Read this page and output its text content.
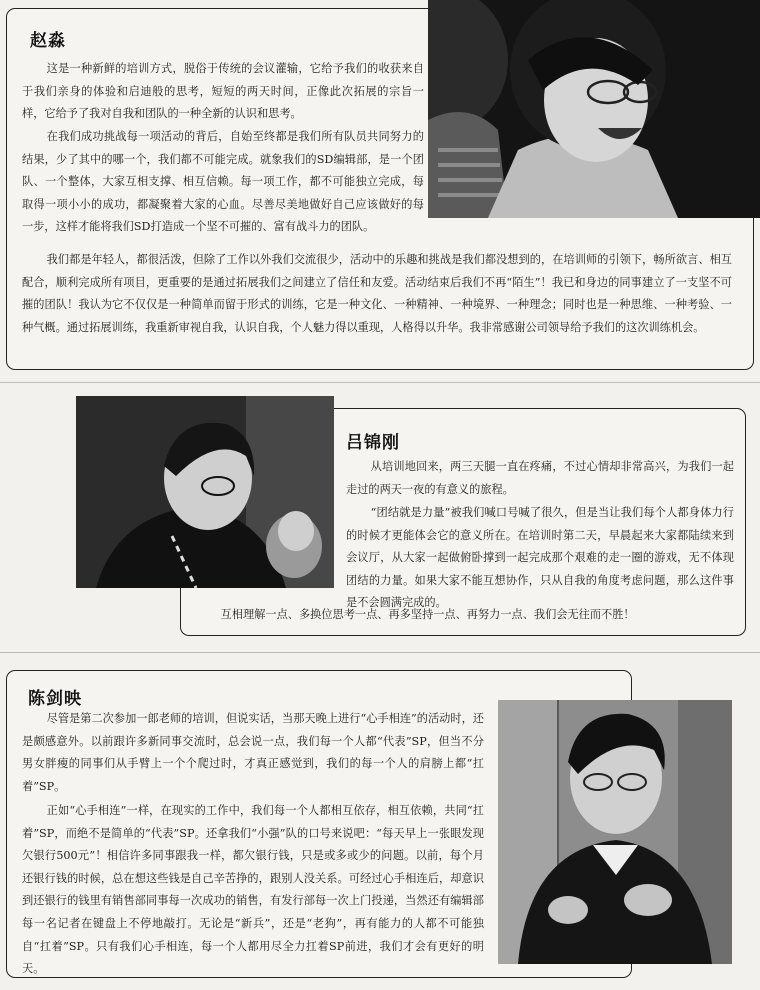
赵淼

这是一种新鲜的培训方式，脱俗于传统的会议灌输，它给予我们的收获来自于我们亲身的体验和启迪般的思考，短短的两天时间，正像此次拓展的宗旨一样，它给予了我对自我和团队的一种全新的认识和思考。

在我们成功挑战每一项活动的背后，自始至终都是我们所有队员共同努力的结果，少了其中的哪一个，我们都不可能完成。就象我们的SD编辑部，是一个团队、一个整体，大家互相支撑、相互信赖。每一项工作，都不可能独立完成，每取得一项小小的成功，都凝聚着大家的心血。尽善尽美地做好自己应该做好的每一步，这样才能将我们SD打造成一个坚不可摧的、富有战斗力的团队。

我们都是年轻人，都很活泼，但除了工作以外我们交流很少，活动中的乐趣和挑战是我们都没想到的，在培训师的引领下，畅所欲言、相互配合，顺利完成所有项目，更重要的是通过拓展我们之间建立了信任和友爱。活动结束后我们不再“陌生”！我已和身边的同事建立了一支坚不可摧的团队！我认为它不仅仅是一种简单而留于形式的训练，它是一种文化、一种精神、一种境界、一种理念；同时也是一种思维、一种考验、一种气概。通过拓展训练，我重新审视自我，认识自我，个人魅力得以重现，人格得以升华。我非常感谢公司领导给予我们的这次训练机会。

吕锦刚

从培训地回来，两三天腿一直在疼痛，不过心情却非常高兴，为我们一起走过的两天一夜的有意义的旅程。

“团结就是力量”被我们喊口号喊了很久，但是当让我们每个人都身体力行的时候才更能体会它的意义所在。在培训时第二天，早晨起来大家都陆续来到会议厅，从大家一起做俯卧撑到一起完成那个艰难的走一圈的游戏，无不体现团结的力量。如果大家不能互想协作，只从自我的角度考虑问题，那么这件事是不会圆满完成的。

互相理解一点、多换位思考一点、再多坚持一点、再努力一点、我们会无往而不胜！

陈剑映

尽管是第二次参加一郎老师的培训，但说实话，当那天晚上进行“心手相连”的活动时，还是颇感意外。以前跟许多新同事交流时，总会说一点，我们每一个人都“代表”SP，但当不分男女胖瘦的同事们从手臂上一个个爬过时，才真正感觉到，我们的每一个人的肩膀上都“扛着”SP。

正如“心手相连”一样，在现实的工作中，我们每一个人都相互依存，相互依赖，共同“扛着”SP，而绝不是简单的“代表”SP。还拿我们“小强”队的口号来说吧：“每天早上一张眼发现欠银行500元”！相信许多同事跟我一样，都欠银行钱，只是或多或少的问题。以前，每个月还银行钱的时候，总在想这些钱是自己辛苦挣的，跟别人没关系。可经过心手相连后，却意识到还银行的钱里有销售部同事每一次成功的销售，有发行部每一次上门投递，当然还有编辑部每一名记者在键盘上不停地敲打。无论是“新兵”，还是“老狗”，再有能力的人都不可能独自“扛着”SP。只有我们心手相连，每一个人都用尽全力扛着SP前进，我们才会有更好的明天。
